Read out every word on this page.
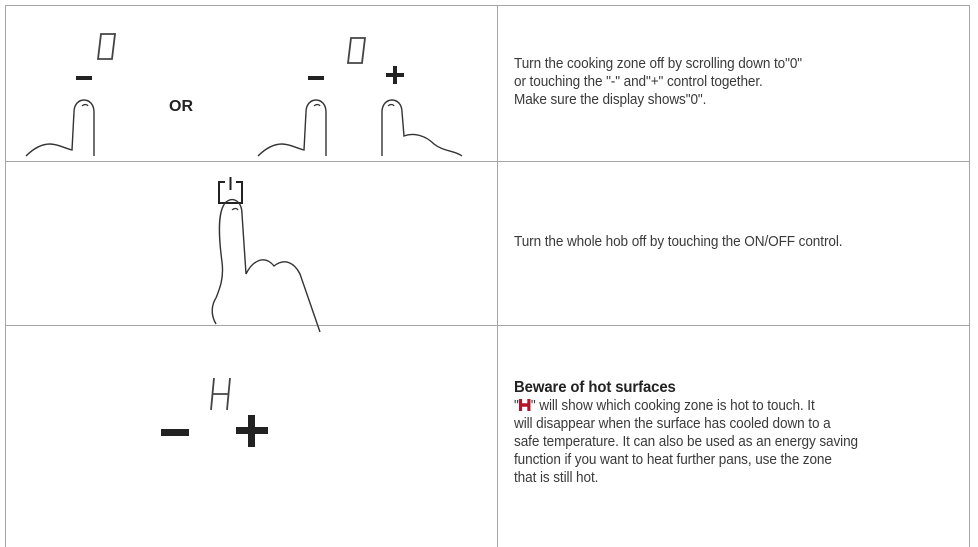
OR

Turn the cooking zone off by scrolling down to"0"

or touching the "-" and"+" control together.

Make sure the display shows"0".

Turn the whole hob off by touching the ON/OFF control.

Beware of hot surfaces

" " will show which cooking zone is hot to touch. It

will disappear when the surface has cooled down to a

safe temperature. It can also be used as an energy saving

function if you want to heat further pans, use the zone

that is still hot.
